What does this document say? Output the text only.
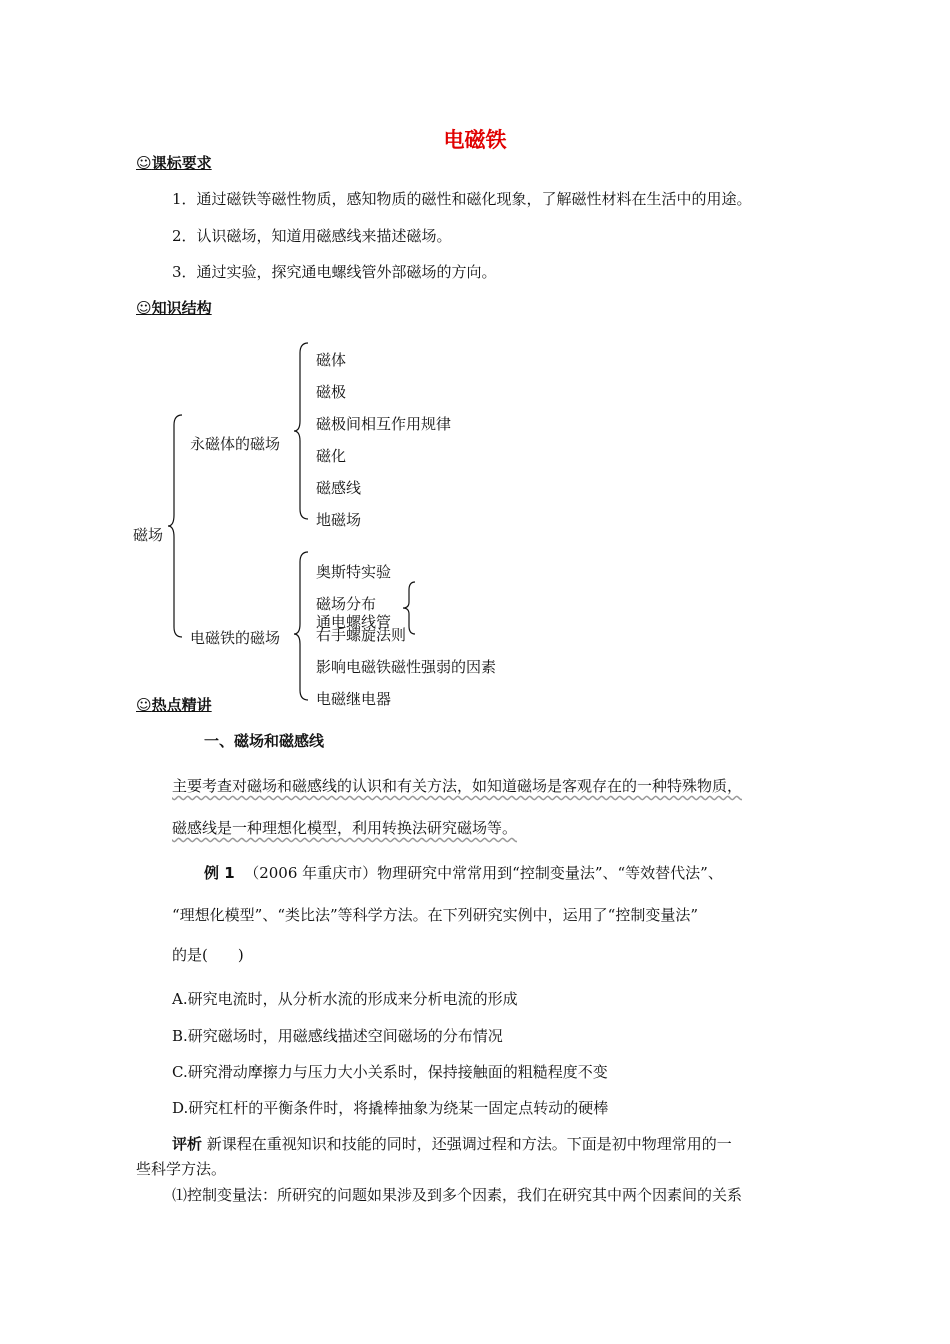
电磁铁
☺课标要求
1．通过磁铁等磁性物质，感知物质的磁性和磁化现象，了解磁性材料在生活中的用途。
2．认识磁场，知道用磁感线来描述磁场。
3．通过实验，探究通电螺线管外部磁场的方向。
☺知识结构
磁场
永磁体的磁场
电磁铁的磁场
磁体
磁极
磁极间相互作用规律
磁化
磁感线
地磁场
奥斯特实验
磁场分布
通电螺线管
右手螺旋法则
影响电磁铁磁性强弱的因素
电磁继电器
☺热点精讲
一、磁场和磁感线
主要考查对磁场和磁感线的认识和有关方法，如知道磁场是客观存在的一种特殊物质，
磁感线是一种理想化模型，利用转换法研究磁场等。
例 1 （2006 年重庆市）物理研究中常常用到“控制变量法”、“等效替代法”、
“理想化模型”、“类比法”等科学方法。在下列研究实例中，运用了“控制变量法”
的是(　　)
A.研究电流时，从分析水流的形成来分析电流的形成
B.研究磁场时，用磁感线描述空间磁场的分布情况
C.研究滑动摩擦力与压力大小关系时，保持接触面的粗糙程度不变
D.研究杠杆的平衡条件时，将撬棒抽象为绕某一固定点转动的硬棒
评析 新课程在重视知识和技能的同时，还强调过程和方法。下面是初中物理常用的一
些科学方法。
⑴控制变量法：所研究的问题如果涉及到多个因素，我们在研究其中两个因素间的关系
